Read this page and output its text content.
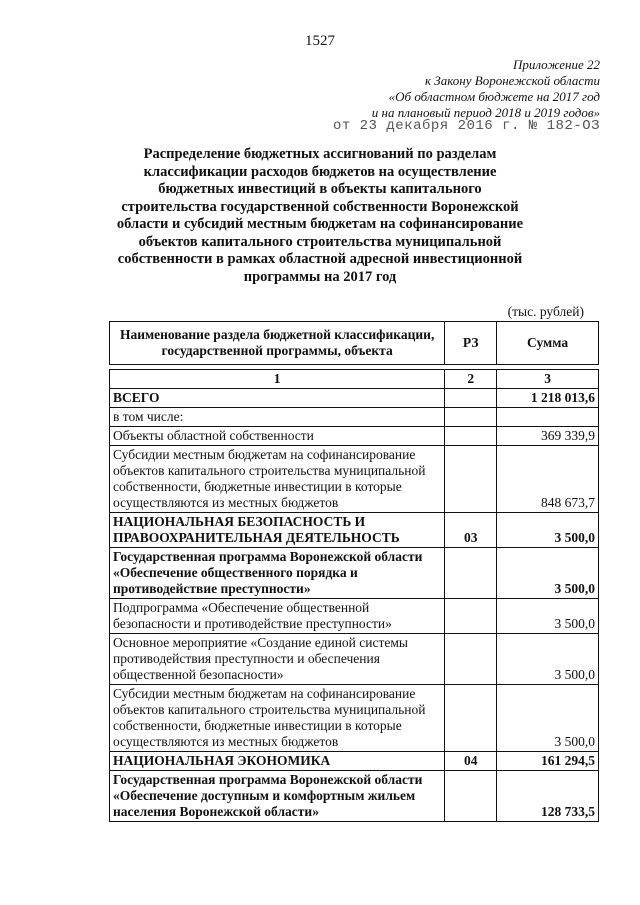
1527
Приложение 22
к Закону Воронежской области
«Об областном бюджете на 2017 год
и на плановый период 2018 и 2019 годов»
от 23 декабря 2016 г. № 182-ОЗ
Распределение бюджетных ассигнований по разделам классификации расходов бюджетов на осуществление бюджетных инвестиций в объекты капитального строительства государственной собственности Воронежской области и субсидий местным бюджетам на софинансирование объектов капитального строительства муниципальной собственности в рамках областной адресной инвестиционной программы на 2017 год
(тыс. рублей)
Наименование раздела бюджетной классификации, государственной программы, объекта	РЗ	Сумма

1	2	3
ВСЕГО		1 218 013,6
в том числе:		
Объекты областной собственности		369 339,9
Субсидии местным бюджетам на софинансирование объектов капитального строительства муниципальной собственности, бюджетные инвестиции в которые осуществляются из местных бюджетов		848 673,7
НАЦИОНАЛЬНАЯ БЕЗОПАСНОСТЬ И ПРАВООХРАНИТЕЛЬНАЯ ДЕЯТЕЛЬНОСТЬ	03	3 500,0
Государственная программа Воронежской области «Обеспечение общественного порядка и противодействие преступности»		3 500,0
Подпрограмма «Обеспечение общественной безопасности и противодействие преступности»		3 500,0
Основное мероприятие «Создание единой системы противодействия преступности и обеспечения общественной безопасности»		3 500,0
Субсидии местным бюджетам на софинансирование объектов капитального строительства муниципальной собственности, бюджетные инвестиции в которые осуществляются из местных бюджетов		3 500,0
НАЦИОНАЛЬНАЯ ЭКОНОМИКА	04	161 294,5
Государственная программа Воронежской области «Обеспечение доступным и комфортным жильем населения Воронежской области»		128 733,5
